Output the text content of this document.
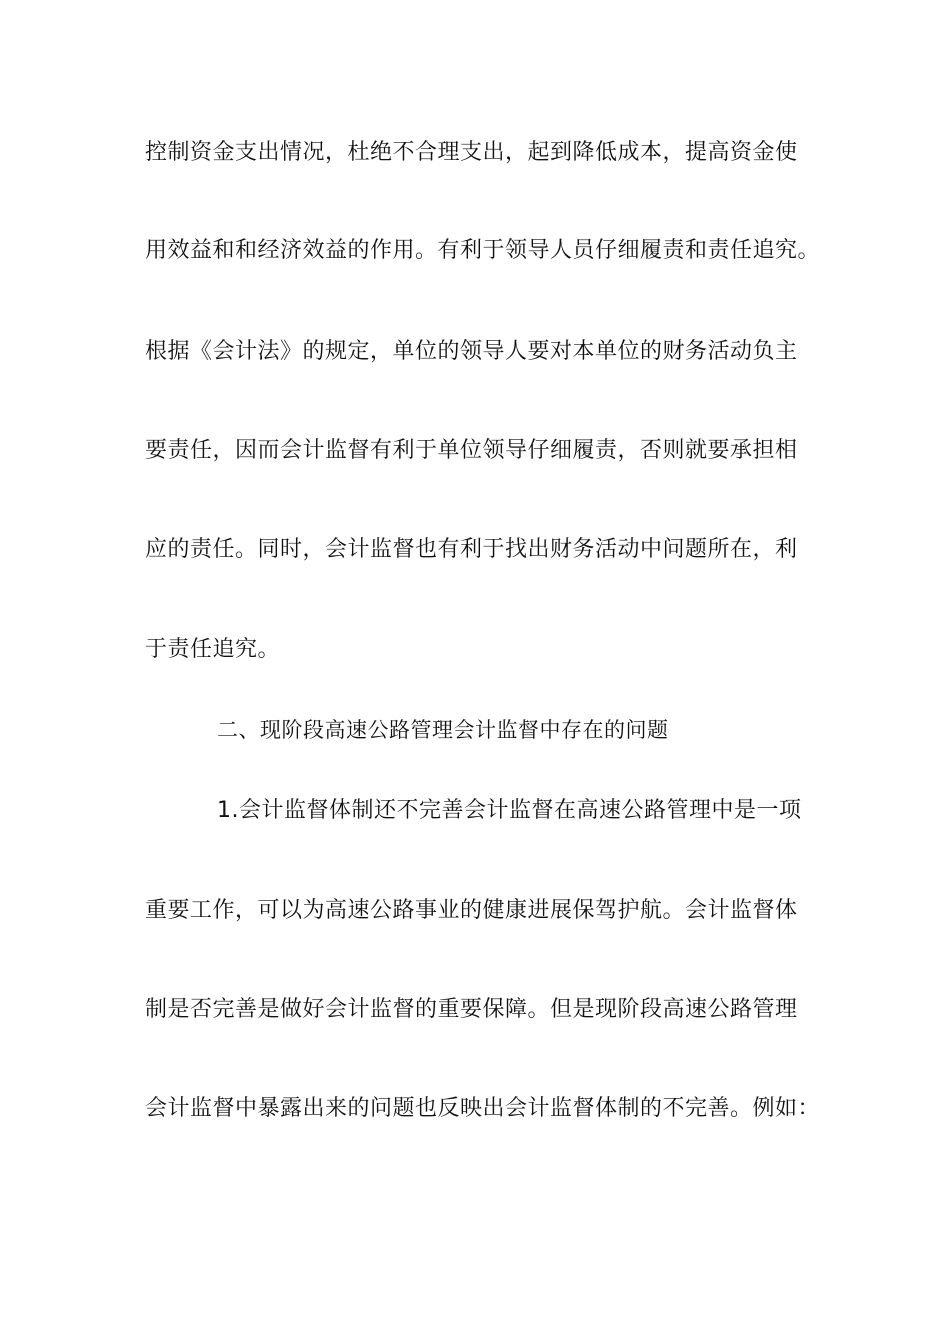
控制资金支出情况，杜绝不合理支出，起到降低成本，提高资金使
用效益和和经济效益的作用。有利于领导人员仔细履责和责任追究。
根据《会计法》的规定，单位的领导人要对本单位的财务活动负主
要责任，因而会计监督有利于单位领导仔细履责，否则就要承担相
应的责任。同时，会计监督也有利于找出财务活动中问题所在，利
于责任追究。
二、现阶段高速公路管理会计监督中存在的问题
1.会计监督体制还不完善会计监督在高速公路管理中是一项
重要工作，可以为高速公路事业的健康进展保驾护航。会计监督体
制是否完善是做好会计监督的重要保障。但是现阶段高速公路管理
会计监督中暴露出来的问题也反映出会计监督体制的不完善。例如：
